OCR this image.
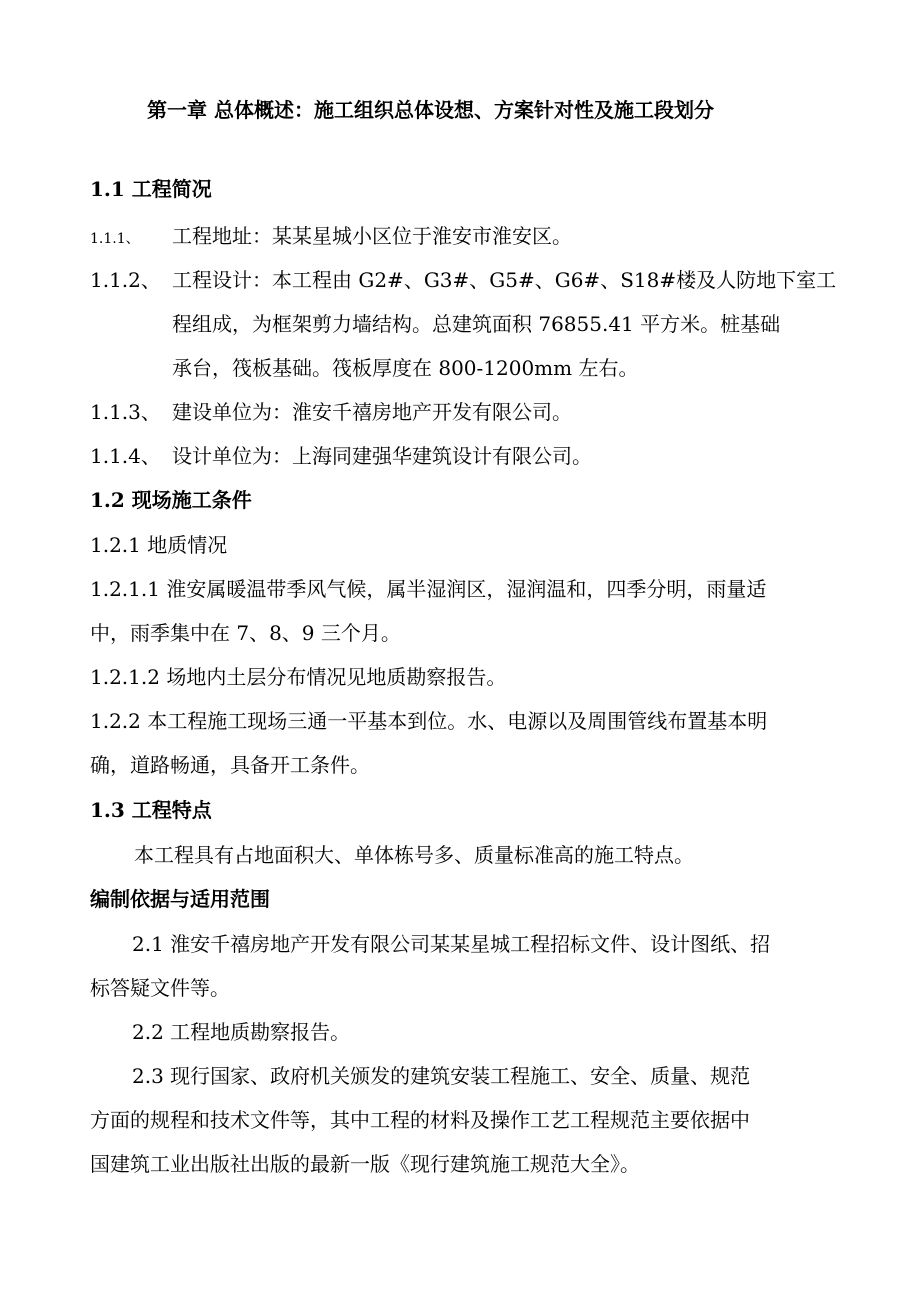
第一章 总体概述：施工组织总体设想、方案针对性及施工段划分
1.1 工程简况
1.1.1、 工程地址：某某星城小区位于淮安市淮安区。
1.1.2、 工程设计：本工程由 G2#、G3#、G5#、G6#、S18#楼及人防地下室工
程组成，为框架剪力墙结构。总建筑面积 76855.41 平方米。桩基础
承台，筏板基础。筏板厚度在 800-1200mm 左右。
1.1.3、 建设单位为：淮安千禧房地产开发有限公司。
1.1.4、 设计单位为：上海同建强华建筑设计有限公司。
1.2 现场施工条件
1.2.1 地质情况
1.2.1.1 淮安属暖温带季风气候，属半湿润区，湿润温和，四季分明，雨量适
中，雨季集中在 7、8、9 三个月。
1.2.1.2 场地内土层分布情况见地质勘察报告。
1.2.2 本工程施工现场三通一平基本到位。水、电源以及周围管线布置基本明
确，道路畅通，具备开工条件。
1.3 工程特点
本工程具有占地面积大、单体栋号多、质量标准高的施工特点。
编制依据与适用范围
2.1 淮安千禧房地产开发有限公司某某星城工程招标文件、设计图纸、招
标答疑文件等。
2.2 工程地质勘察报告。
2.3 现行国家、政府机关颁发的建筑安装工程施工、安全、质量、规范
方面的规程和技术文件等，其中工程的材料及操作工艺工程规范主要依据中
国建筑工业出版社出版的最新一版《现行建筑施工规范大全》。
